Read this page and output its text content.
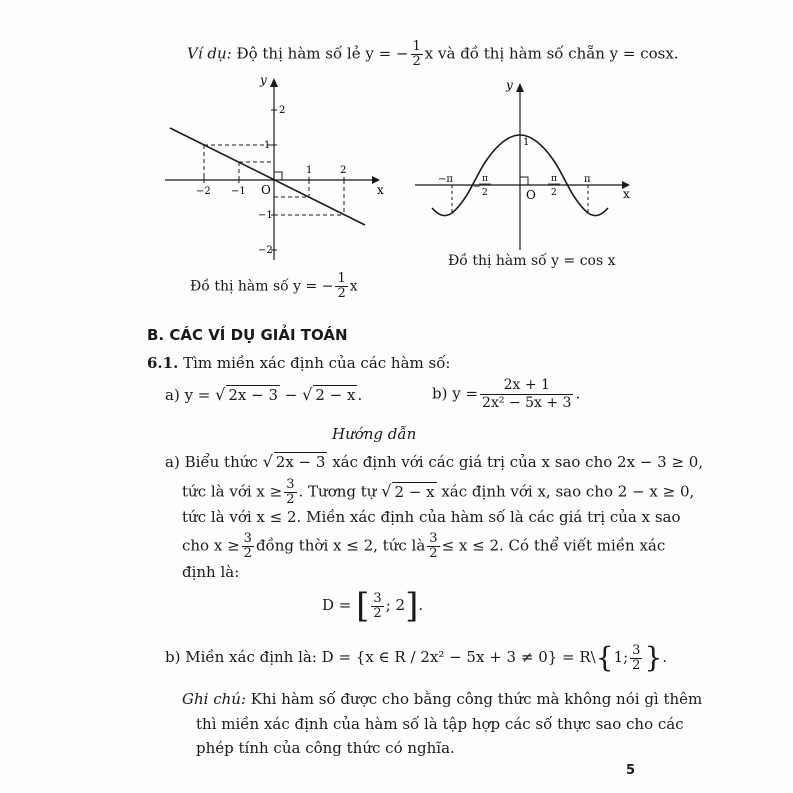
Ví dụ: Độ thị hàm số lẻ y = − $\frac{1}{2}$ x và đồ thị hàm số chẵn y = cosx.
y
x
O
−2 −1
1	2
2
1
−1
−2
Đồ thị hàm số y = − $\frac{1}{2}$ x
y
x
O
1
−π	π
−
2
π
2
π
Đồ thị hàm số y = cos x
B. CÁC VÍ DỤ GIẢI TOÁN
6.1. Tìm miền xác định của các hàm số:
a) y = √ 2x − 3 − √ 2 − x .	b) $y = \frac{2x + 1}{\text{2x² − 5x + 3}}$ .
Hướng dẫn
a) Biểu thức √ 2x − 3 xác định với các giá trị của x sao cho 2x − 3 ≥ 0,
tức là với $x \ge \frac{3}{2}$ . Tương tự √ 2 − x xác định với x, sao cho 2 − x ≥ 0,
tức là với x ≤ 2. Miền xác định của hàm số là các giá trị của x sao
cho $x \ge \frac{3}{2}$ đồng thời x ≤ 2, tức là $\frac{3}{2} \le x \le 2$. Có thể viết miền xác
định là:
D = [ $\frac{3}{2}$ ; 2].
b) Miền xác định là: D = {x ∈ R / 2x² − 5x + 3 ≠ 0} = R\{1; $\frac{3}{2}$ }.
Ghi chú: Khi hàm số được cho bằng công thức mà không nói gì thêm
thì miền xác định của hàm số là tập hợp các số thực sao cho các
phép tính của công thức có nghĩa.
5
